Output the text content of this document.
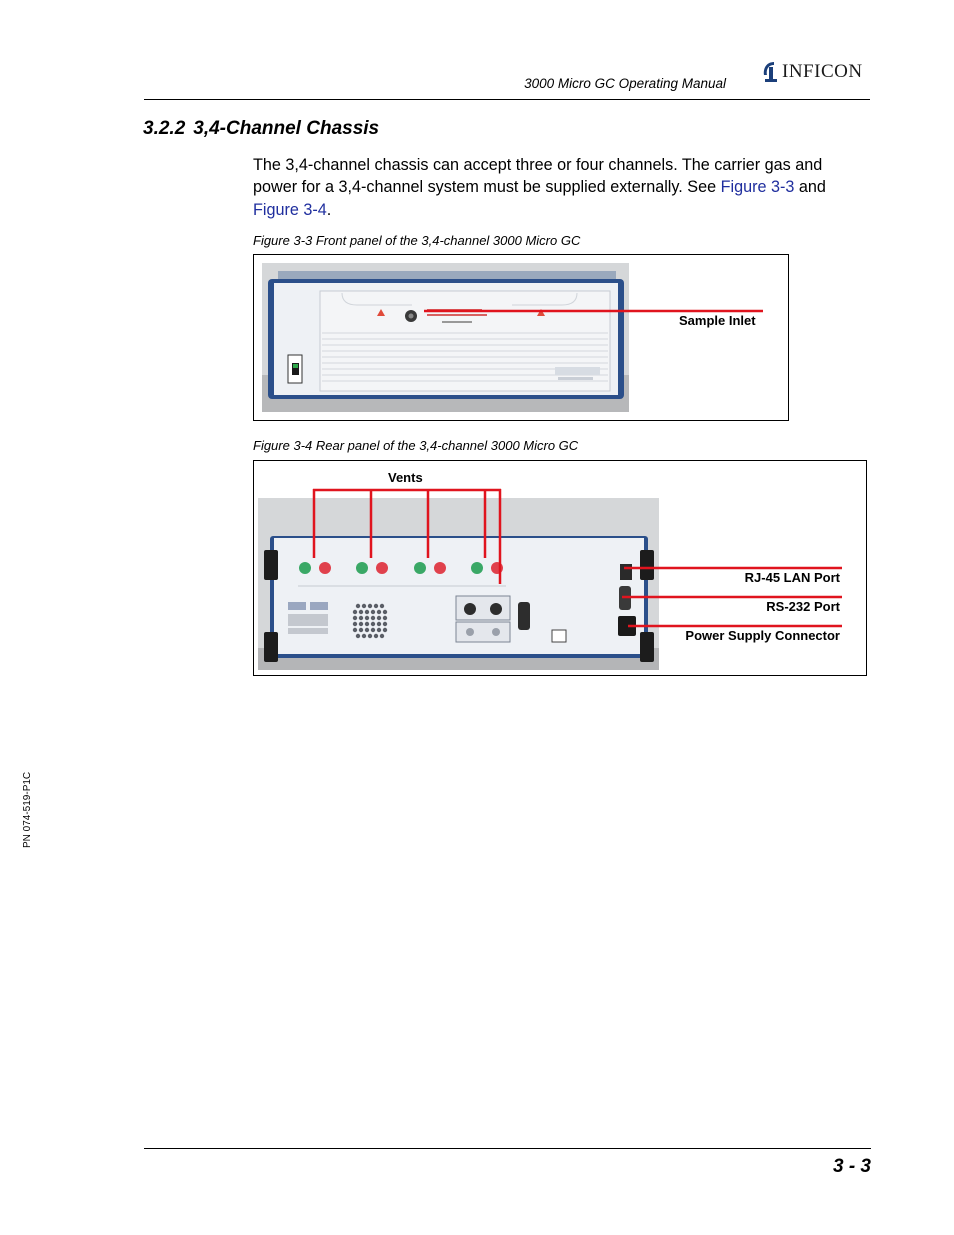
3000 Micro GC Operating Manual
INFICON
3.2.2 3,4-Channel Chassis
The 3,4-channel chassis can accept three or four channels. The carrier gas and power for a 3,4-channel system must be supplied externally. See Figure 3-3 and
Figure 3-4.
Figure 3-3 Front panel of the 3,4-channel 3000 Micro GC
Sample Inlet
Figure 3-4 Rear panel of the 3,4-channel 3000 Micro GC
Vents
RJ-45 LAN Port
RS-232 Port
Power Supply Connector
PN 074-519-P1C
3 - 3
